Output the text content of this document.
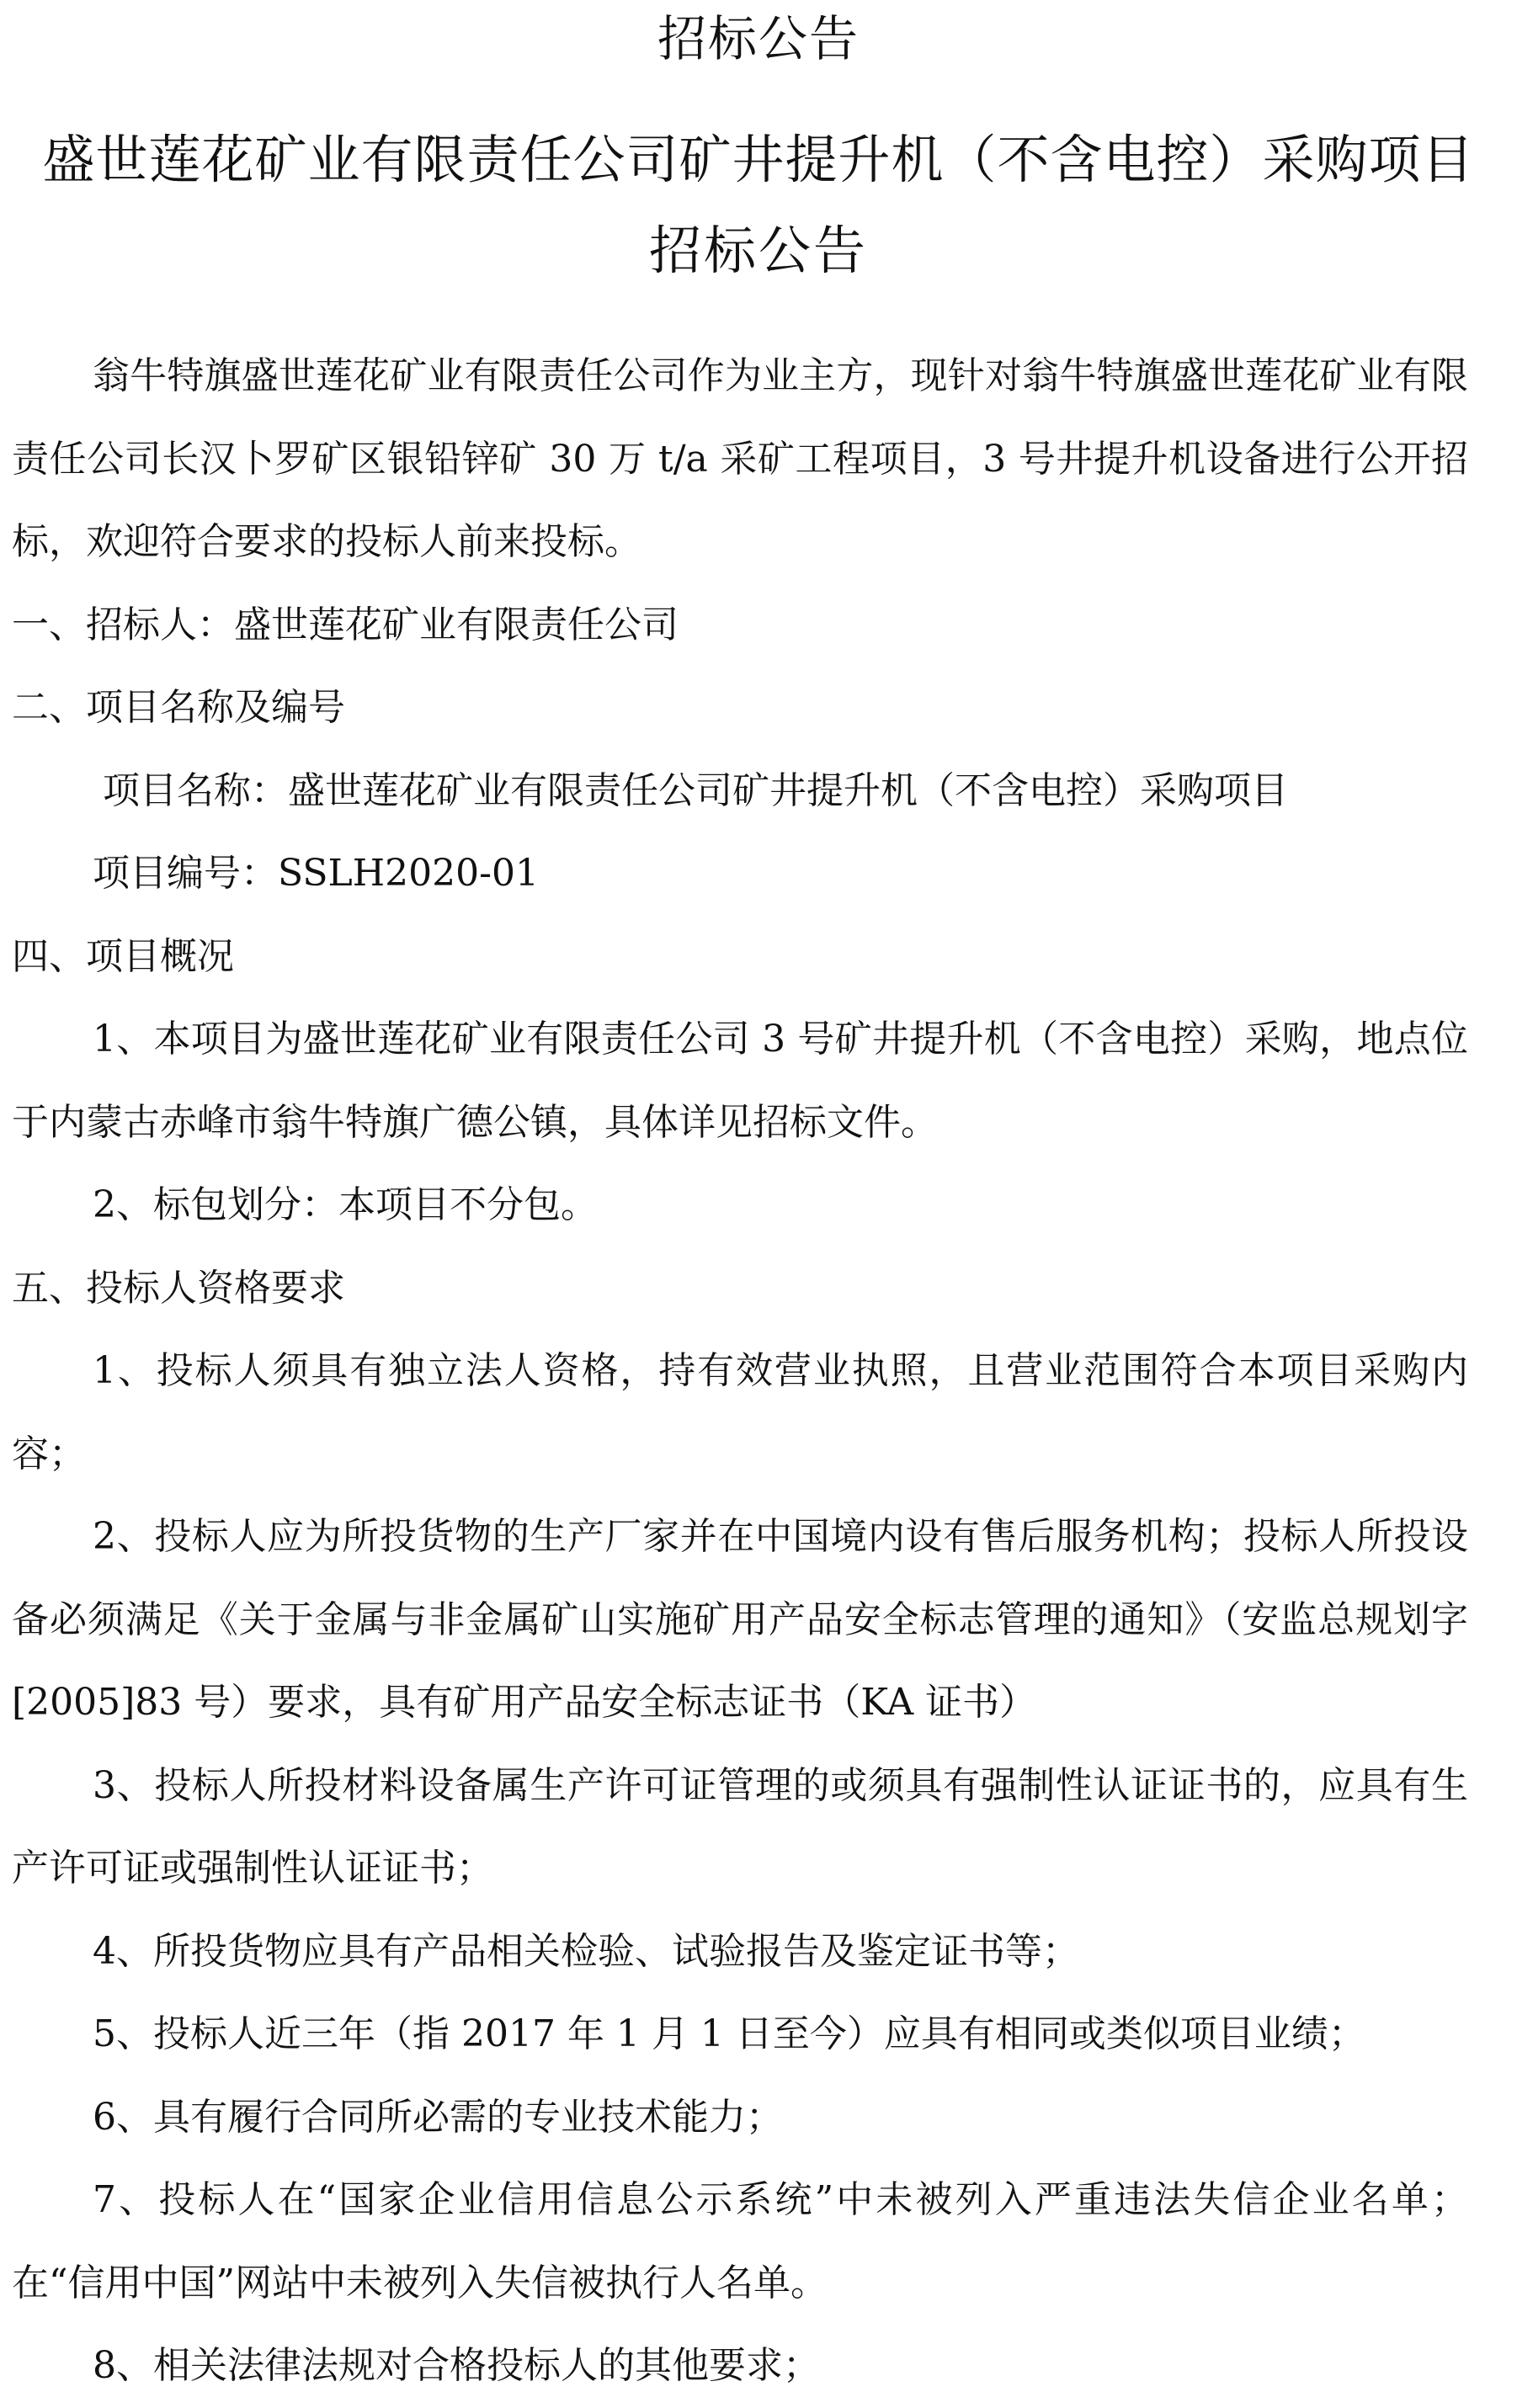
招标公告
盛世莲花矿业有限责任公司矿井提升机（不含电控）采购项目
招标公告

翁牛特旗盛世莲花矿业有限责任公司作为业主方，现针对翁牛特旗盛世莲花矿业有限责任公司长汉卜罗矿区银铅锌矿 30 万 t/a 采矿工程项目，3 号井提升机设备进行公开招标，欢迎符合要求的投标人前来投标。

一、招标人：盛世莲花矿业有限责任公司

二、项目名称及编号

项目名称：盛世莲花矿业有限责任公司矿井提升机（不含电控）采购项目

项目编号：SSLH2020-01

四、项目概况

1、本项目为盛世莲花矿业有限责任公司 3 号矿井提升机（不含电控）采购，地点位于内蒙古赤峰市翁牛特旗广德公镇，具体详见招标文件。

2、标包划分：本项目不分包。

五、投标人资格要求

1、投标人须具有独立法人资格，持有效营业执照，且营业范围符合本项目采购内容；

2、投标人应为所投货物的生产厂家并在中国境内设有售后服务机构；投标人所投设备必须满足《关于金属与非金属矿山实施矿用产品安全标志管理的通知》（安监总规划字[2005]83 号）要求，具有矿用产品安全标志证书（KA 证书）

3、投标人所投材料设备属生产许可证管理的或须具有强制性认证证书的，应具有生产许可证或强制性认证证书；

4、所投货物应具有产品相关检验、试验报告及鉴定证书等；

5、投标人近三年（指 2017 年 1 月 1 日至今）应具有相同或类似项目业绩；

6、具有履行合同所必需的专业技术能力；

7、投标人在“国家企业信用信息公示系统”中未被列入严重违法失信企业名单；在“信用中国”网站中未被列入失信被执行人名单。

8、相关法律法规对合格投标人的其他要求；
